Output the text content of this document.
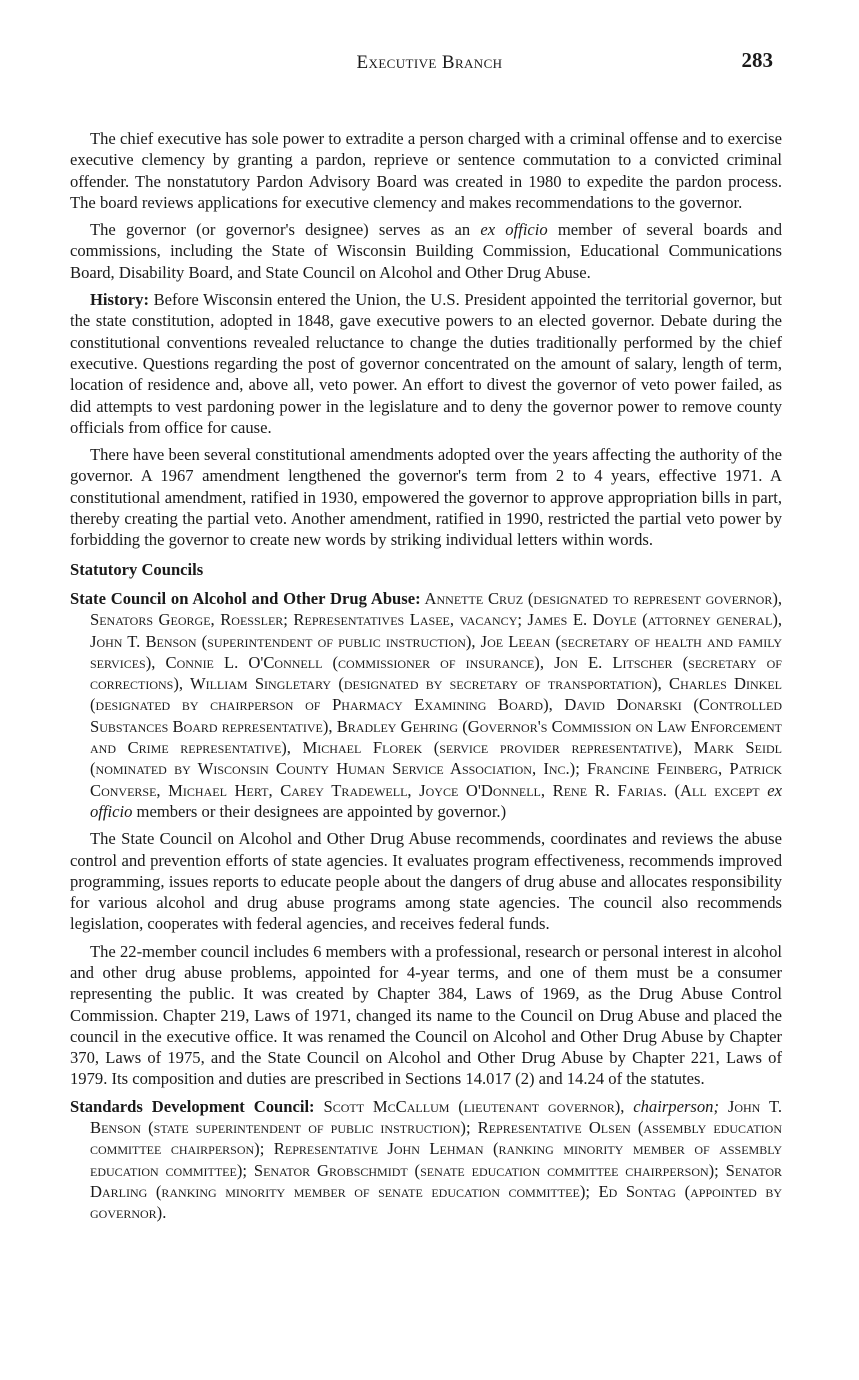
Executive Branch	283

The chief executive has sole power to extradite a person charged with a criminal offense and to exercise executive clemency by granting a pardon, reprieve or sentence commutation to a convicted criminal offender. The nonstatutory Pardon Advisory Board was created in 1980 to expedite the pardon process. The board reviews applications for executive clemency and makes recommendations to the governor.

The governor (or governor's designee) serves as an ex officio member of several boards and commissions, including the State of Wisconsin Building Commission, Educational Communications Board, Disability Board, and State Council on Alcohol and Other Drug Abuse.

History: Before Wisconsin entered the Union, the U.S. President appointed the territorial governor, but the state constitution, adopted in 1848, gave executive powers to an elected governor. Debate during the constitutional conventions revealed reluctance to change the duties traditionally performed by the chief executive. Questions regarding the post of governor concentrated on the amount of salary, length of term, location of residence and, above all, veto power. An effort to divest the governor of veto power failed, as did attempts to vest pardoning power in the legislature and to deny the governor power to remove county officials from office for cause.

There have been several constitutional amendments adopted over the years affecting the authority of the governor. A 1967 amendment lengthened the governor's term from 2 to 4 years, effective 1971. A constitutional amendment, ratified in 1930, empowered the governor to approve appropriation bills in part, thereby creating the partial veto. Another amendment, ratified in 1990, restricted the partial veto power by forbidding the governor to create new words by striking individual letters within words.

Statutory Councils

State Council on Alcohol and Other Drug Abuse: Annette Cruz (designated to represent governor), Senators George, Roessler; Representatives Lasee, vacancy; James E. Doyle (attorney general), John T. Benson (superintendent of public instruction), Joe Leean (secretary of health and family services), Connie L. O'Connell (commissioner of insurance), Jon E. Litscher (secretary of corrections), William Singletary (designated by secretary of transportation), Charles Dinkel (designated by chairperson of Pharmacy Examining Board), David Donarski (Controlled Substances Board representative), Bradley Gehring (Governor's Commission on Law Enforcement and Crime representative), Michael Florek (service provider representative), Mark Seidl (nominated by Wisconsin County Human Service Association, Inc.); Francine Feinberg, Patrick Converse, Michael Hert, Carey Tradewell, Joyce O'Donnell, Rene R. Farias. (All except ex officio members or their designees are appointed by governor.)

The State Council on Alcohol and Other Drug Abuse recommends, coordinates and reviews the abuse control and prevention efforts of state agencies. It evaluates program effectiveness, recommends improved programming, issues reports to educate people about the dangers of drug abuse and allocates responsibility for various alcohol and drug abuse programs among state agencies. The council also recommends legislation, cooperates with federal agencies, and receives federal funds.

The 22-member council includes 6 members with a professional, research or personal interest in alcohol and other drug abuse problems, appointed for 4-year terms, and one of them must be a consumer representing the public. It was created by Chapter 384, Laws of 1969, as the Drug Abuse Control Commission. Chapter 219, Laws of 1971, changed its name to the Council on Drug Abuse and placed the council in the executive office. It was renamed the Council on Alcohol and Other Drug Abuse by Chapter 370, Laws of 1975, and the State Council on Alcohol and Other Drug Abuse by Chapter 221, Laws of 1979. Its composition and duties are prescribed in Sections 14.017 (2) and 14.24 of the statutes.

Standards Development Council: Scott McCallum (lieutenant governor), chairperson; John T. Benson (state superintendent of public instruction); Representative Olsen (assembly education committee chairperson); Representative John Lehman (ranking minority member of assembly education committee); Senator Grobschmidt (senate education committee chairperson); Senator Darling (ranking minority member of senate education committee); Ed Sontag (appointed by governor).
